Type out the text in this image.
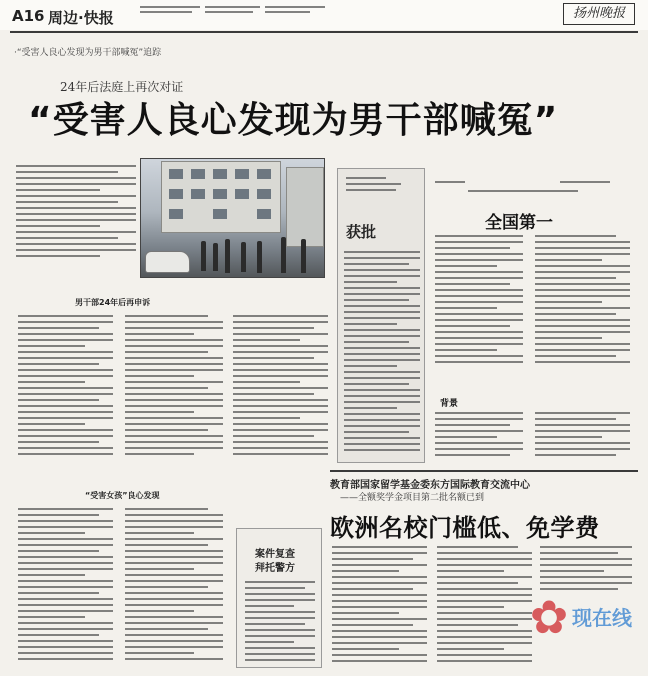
A16 周边·快报	扬州晚报
·“受害人良心发现为男干部喊冤”追踪
24年后法庭上再次对证
“受害人良心发现为男干部喊冤”
男干部24年后再申诉
“受害女孩”良心发现
案件复查
拜托警方
获批
	全国第一
背景
教育部国家留学基金委东方国际教育交流中心
——全额奖学金项目第二批名额已到
欧洲名校门槛低、免学费
✿ 现在线
